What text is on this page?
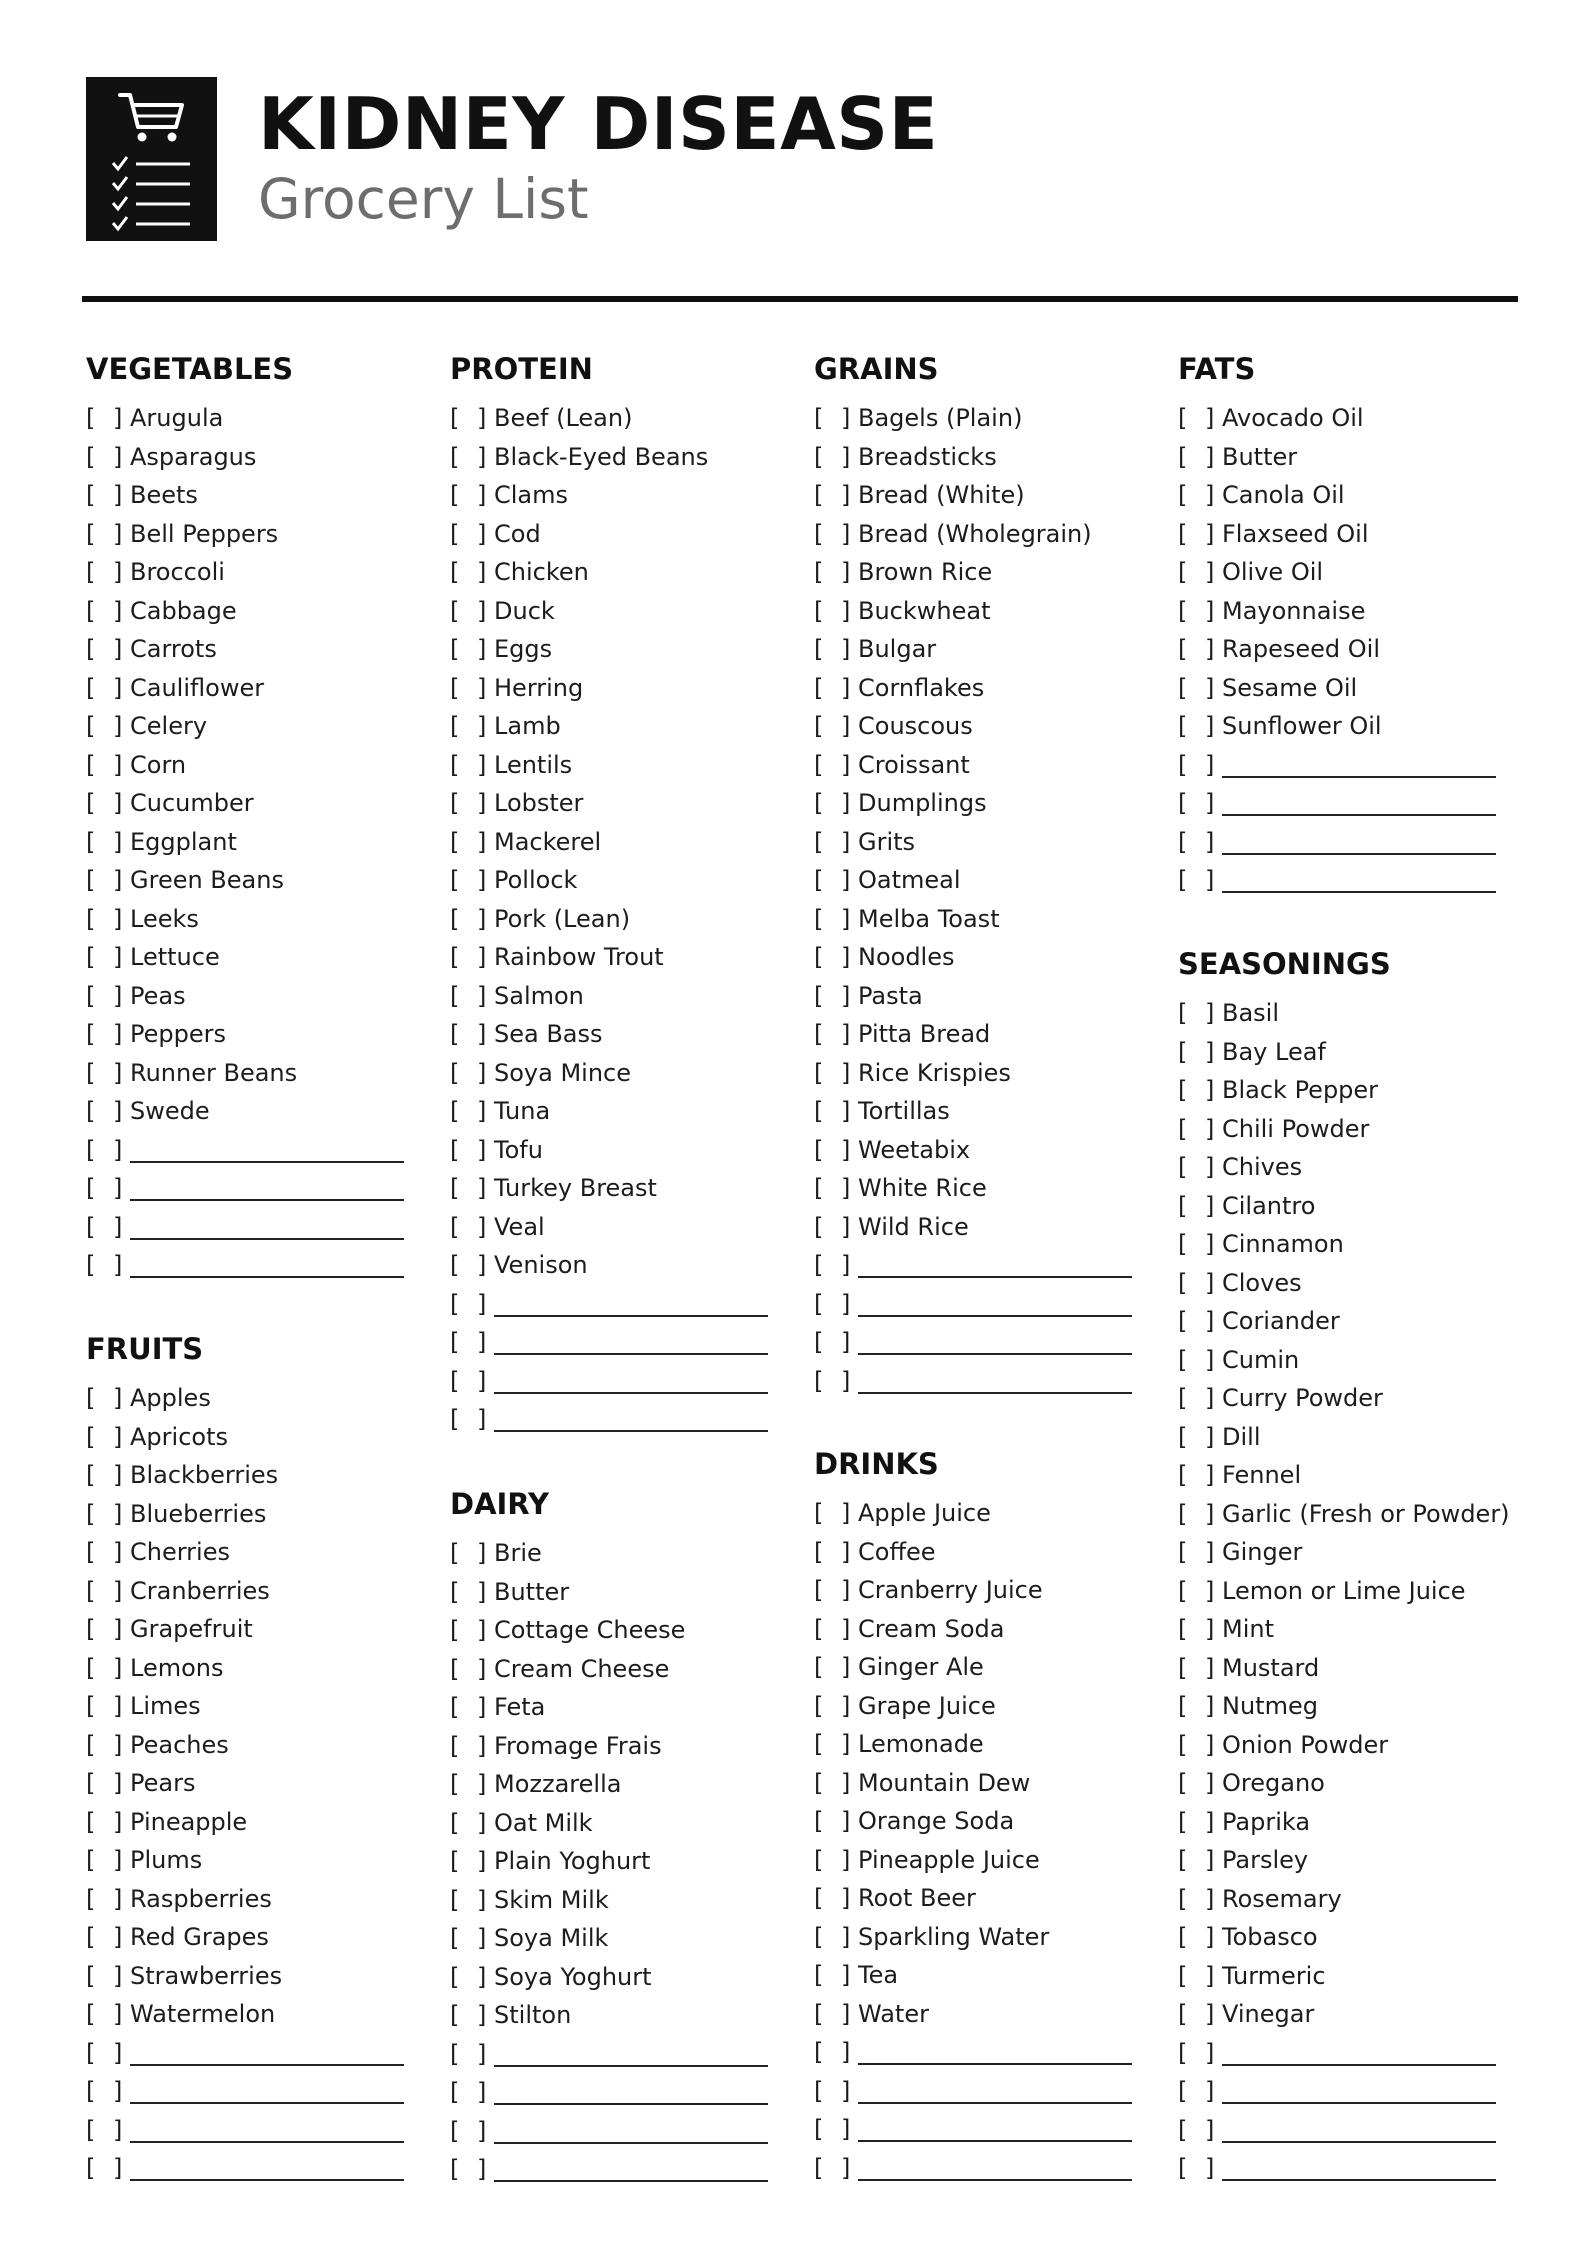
KIDNEY DISEASE
Grocery List
VEGETABLES
[ ] Arugula
[ ] Asparagus
[ ] Beets
[ ] Bell Peppers
[ ] Broccoli
[ ] Cabbage
[ ] Carrots
[ ] Cauliflower
[ ] Celery
[ ] Corn
[ ] Cucumber
[ ] Eggplant
[ ] Green Beans
[ ] Leeks
[ ] Lettuce
[ ] Peas
[ ] Peppers
[ ] Runner Beans
[ ] Swede
[ ]
[ ]
[ ]
[ ]
FRUITS
[ ] Apples
[ ] Apricots
[ ] Blackberries
[ ] Blueberries
[ ] Cherries
[ ] Cranberries
[ ] Grapefruit
[ ] Lemons
[ ] Limes
[ ] Peaches
[ ] Pears
[ ] Pineapple
[ ] Plums
[ ] Raspberries
[ ] Red Grapes
[ ] Strawberries
[ ] Watermelon
[ ]
[ ]
[ ]
[ ]
PROTEIN
[ ] Beef (Lean)
[ ] Black-Eyed Beans
[ ] Clams
[ ] Cod
[ ] Chicken
[ ] Duck
[ ] Eggs
[ ] Herring
[ ] Lamb
[ ] Lentils
[ ] Lobster
[ ] Mackerel
[ ] Pollock
[ ] Pork (Lean)
[ ] Rainbow Trout
[ ] Salmon
[ ] Sea Bass
[ ] Soya Mince
[ ] Tuna
[ ] Tofu
[ ] Turkey Breast
[ ] Veal
[ ] Venison
[ ]
[ ]
[ ]
[ ]
DAIRY
[ ] Brie
[ ] Butter
[ ] Cottage Cheese
[ ] Cream Cheese
[ ] Feta
[ ] Fromage Frais
[ ] Mozzarella
[ ] Oat Milk
[ ] Plain Yoghurt
[ ] Skim Milk
[ ] Soya Milk
[ ] Soya Yoghurt
[ ] Stilton
[ ]
[ ]
[ ]
[ ]
GRAINS
[ ] Bagels (Plain)
[ ] Breadsticks
[ ] Bread (White)
[ ] Bread (Wholegrain)
[ ] Brown Rice
[ ] Buckwheat
[ ] Bulgar
[ ] Cornflakes
[ ] Couscous
[ ] Croissant
[ ] Dumplings
[ ] Grits
[ ] Oatmeal
[ ] Melba Toast
[ ] Noodles
[ ] Pasta
[ ] Pitta Bread
[ ] Rice Krispies
[ ] Tortillas
[ ] Weetabix
[ ] White Rice
[ ] Wild Rice
[ ]
[ ]
[ ]
[ ]
DRINKS
[ ] Apple Juice
[ ] Coffee
[ ] Cranberry Juice
[ ] Cream Soda
[ ] Ginger Ale
[ ] Grape Juice
[ ] Lemonade
[ ] Mountain Dew
[ ] Orange Soda
[ ] Pineapple Juice
[ ] Root Beer
[ ] Sparkling Water
[ ] Tea
[ ] Water
[ ]
[ ]
[ ]
[ ]
FATS
[ ] Avocado Oil
[ ] Butter
[ ] Canola Oil
[ ] Flaxseed Oil
[ ] Olive Oil
[ ] Mayonnaise
[ ] Rapeseed Oil
[ ] Sesame Oil
[ ] Sunflower Oil
[ ]
[ ]
[ ]
[ ]
SEASONINGS
[ ] Basil
[ ] Bay Leaf
[ ] Black Pepper
[ ] Chili Powder
[ ] Chives
[ ] Cilantro
[ ] Cinnamon
[ ] Cloves
[ ] Coriander
[ ] Cumin
[ ] Curry Powder
[ ] Dill
[ ] Fennel
[ ] Garlic (Fresh or Powder)
[ ] Ginger
[ ] Lemon or Lime Juice
[ ] Mint
[ ] Mustard
[ ] Nutmeg
[ ] Onion Powder
[ ] Oregano
[ ] Paprika
[ ] Parsley
[ ] Rosemary
[ ] Tobasco
[ ] Turmeric
[ ] Vinegar
[ ]
[ ]
[ ]
[ ]
